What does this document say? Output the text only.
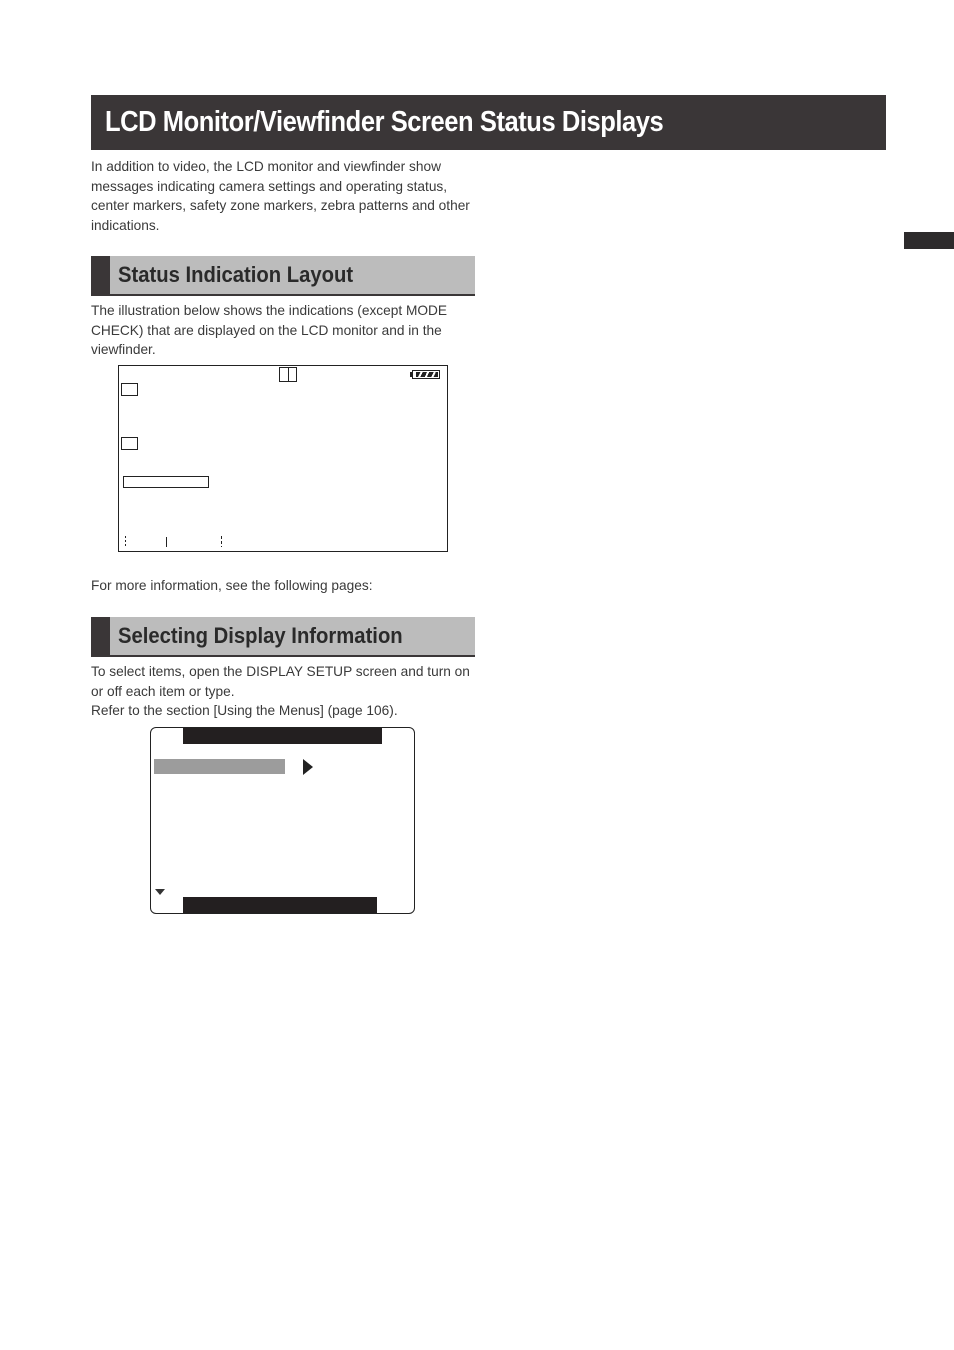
LCD Monitor/Viewfinder Screen Status Displays

In addition to video, the LCD monitor and viewfinder show messages indicating camera settings and operating status, center markers, safety zone markers, zebra patterns and other indications.

Status Indication Layout

The illustration below shows the indications (except MODE CHECK) that are displayed on the LCD monitor and in the viewfinder.

For more information, see the following pages:

Selecting Display Information

To select items, open the DISPLAY SETUP screen and turn on or off each item or type.
Refer to the section [Using the Menus] (page 106).
